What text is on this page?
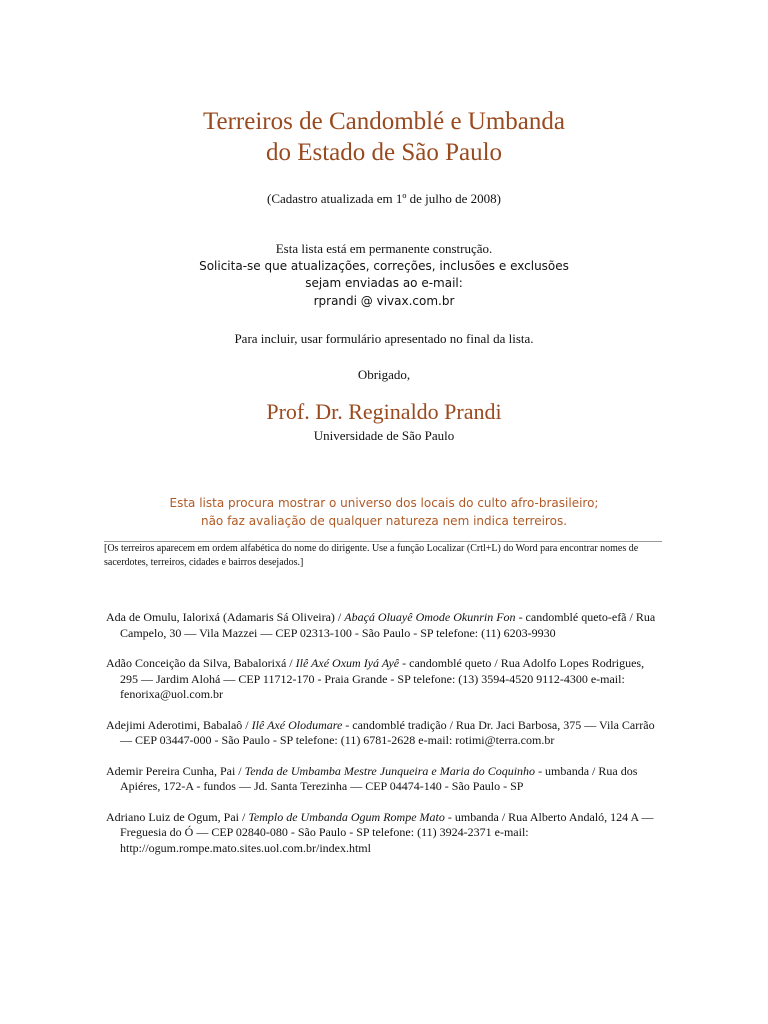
Terreiros de Candomblé e Umbanda
do Estado de São Paulo
(Cadastro atualizada em 1º de julho de 2008)
Esta lista está em permanente construção.
Solicita-se que atualizações, correções, inclusões e exclusões
sejam enviadas ao e-mail:
rprandi @ vivax.com.br
Para incluir, usar formulário apresentado no final da lista.
Obrigado,
Prof. Dr. Reginaldo Prandi
Universidade de São Paulo
Esta lista procura mostrar o universo dos locais do culto afro-brasileiro;
não faz avaliação de qualquer natureza nem indica terreiros.
[Os terreiros aparecem em ordem alfabética do nome do dirigente. Use a função Localizar (Crtl+L) do Word para encontrar nomes de sacerdotes, terreiros, cidades e bairros desejados.]
Ada de Omulu, Ialorixá (Adamaris Sá Oliveira) / Abaçá Oluayê Omode Okunrin Fon - candomblé queto-efã / Rua Campelo, 30 — Vila Mazzei — CEP 02313-100 - São Paulo - SP telefone: (11) 6203-9930
Adão Conceição da Silva, Babalorixá / Ilê Axé Oxum Iyá Ayê - candomblé queto / Rua Adolfo Lopes Rodrigues, 295 — Jardim Alohá — CEP 11712-170 - Praia Grande - SP telefone: (13) 3594-4520 9112-4300 e-mail: fenorixa@uol.com.br
Adejimi Aderotimi, Babalaô / Ilê Axé Olodumare - candomblé tradição / Rua Dr. Jaci Barbosa, 375 — Vila Carrão — CEP 03447-000 - São Paulo - SP telefone: (11) 6781-2628 e-mail: rotimi@terra.com.br
Ademir Pereira Cunha, Pai / Tenda de Umbamba Mestre Junqueira e Maria do Coquinho - umbanda / Rua dos Apiéres, 172-A - fundos — Jd. Santa Terezinha — CEP 04474-140 - São Paulo - SP
Adriano Luiz de Ogum, Pai / Templo de Umbanda Ogum Rompe Mato - umbanda / Rua Alberto Andaló, 124 A — Freguesia do Ó — CEP 02840-080 - São Paulo - SP telefone: (11) 3924-2371 e-mail: http://ogum.rompe.mato.sites.uol.com.br/index.html
